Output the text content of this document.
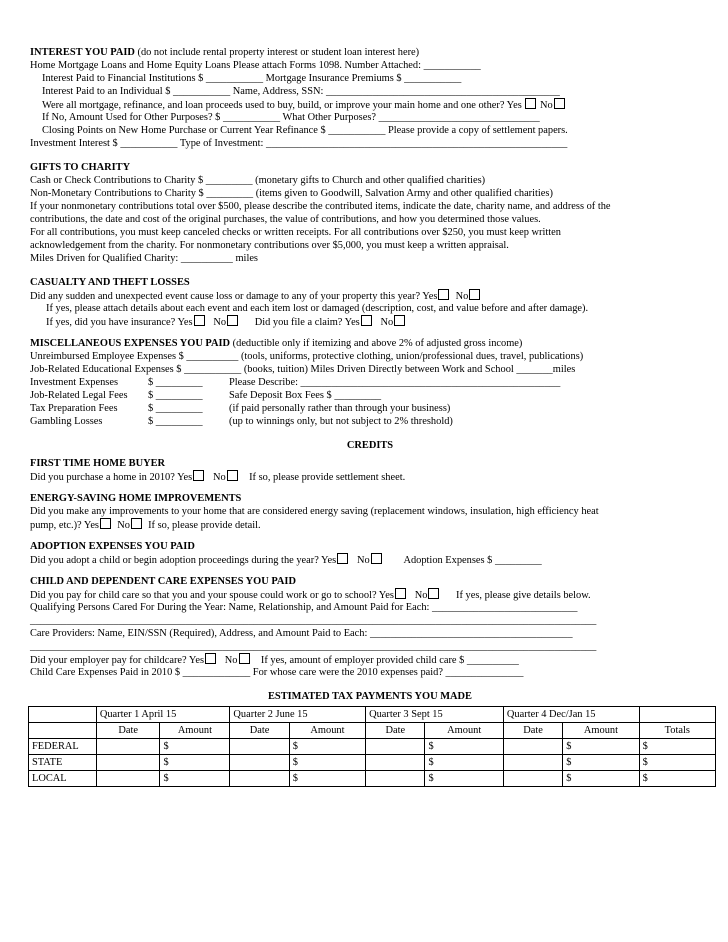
INTEREST YOU PAID (do not include rental property interest or student loan interest here)
Home Mortgage Loans and Home Equity Loans Please attach Forms 1098. Number Attached: ___________
Interest Paid to Financial Institutions $ ___________ Mortgage Insurance Premiums $ ___________
Interest Paid to an Individual $ ___________ Name, Address, SSN: _____________________________________________
Were all mortgage, refinance, and loan proceeds used to buy, build, or improve your main home and one other? Yes No
If No, Amount Used for Other Purposes? $ ___________ What Other Purposes? _______________________________
Closing Points on New Home Purchase or Current Year Refinance $ ___________ Please provide a copy of settlement papers.
Investment Interest $ ___________ Type of Investment: __________________________________________________________
GIFTS TO CHARITY
Cash or Check Contributions to Charity $ _________ (monetary gifts to Church and other qualified charities)
Non-Monetary Contributions to Charity $ _________ (items given to Goodwill, Salvation Army and other qualified charities)
If your nonmonetary contributions total over $500, please describe the contributed items, indicate the date, charity name, and address of the
contributions, the date and cost of the original purchases, the value of contributions, and how you determined those values.
For all contributions, you must keep canceled checks or written receipts. For all contributions over $250, you must keep written
acknowledgement from the charity. For nonmonetary contributions over $5,000, you must keep a written appraisal.
Miles Driven for Qualified Charity: __________ miles
CASUALTY AND THEFT LOSSES
Did any sudden and unexpected event cause loss or damage to any of your property this year? Yes No
If yes, please attach details about each event and each item lost or damaged (description, cost, and value before and after damage).
If yes, did you have insurance? Yes No	Did you file a claim? Yes No
MISCELLANEOUS EXPENSES YOU PAID (deductible only if itemizing and above 2% of adjusted gross income)
Unreimbursed Employee Expenses $ __________ (tools, uniforms, protective clothing, union/professional dues, travel, publications)
Job-Related Educational Expenses $ ___________ (books, tuition) Miles Driven Directly between Work and School _______miles
Investment Expenses	$ _________	Please Describe: __________________________________________________
Job-Related Legal Fees $ _________	Safe Deposit Box Fees $ _________
Tax Preparation Fees	$ _________	(if paid personally rather than through your business)
Gambling Losses	$ _________	(up to winnings only, but not subject to 2% threshold)
CREDITS
FIRST TIME HOME BUYER
Did you purchase a home in 2010? Yes No If so, please provide settlement sheet.
ENERGY-SAVING HOME IMPROVEMENTS
Did you make any improvements to your home that are considered energy saving (replacement windows, insulation, high efficiency heat
pump, etc.)? Yes No If so, please provide detail.
ADOPTION EXPENSES YOU PAID
Did you adopt a child or begin adoption proceedings during the year? Yes No	Adoption Expenses $ _________
CHILD AND DEPENDENT CARE EXPENSES YOU PAID
Did you pay for child care so that you and your spouse could work or go to school? Yes No	If yes, please give details below.
Qualifying Persons Cared For During the Year: Name, Relationship, and Amount Paid for Each: ____________________________
_____________________________________________________________________________________________________________
Care Providers: Name, EIN/SSN (Required), Address, and Amount Paid to Each: _______________________________________
_____________________________________________________________________________________________________________
Did your employer pay for childcare? Yes No If yes, amount of employer provided child care $ __________
Child Care Expenses Paid in 2010 $ _____________ For whose care were the 2010 expenses paid? _______________
ESTIMATED TAX PAYMENTS YOU MADE
	Quarter 1 April 15		Quarter 2 June 15		Quarter 3 Sept 15		Quarter 4 Dec/Jan 15		
	Date	Amount	Date	Amount	Date	Amount	Date	Amount	Totals
FEDERAL		$		$		$		$	$
STATE		$		$		$		$	$
LOCAL		$		$		$		$	$
